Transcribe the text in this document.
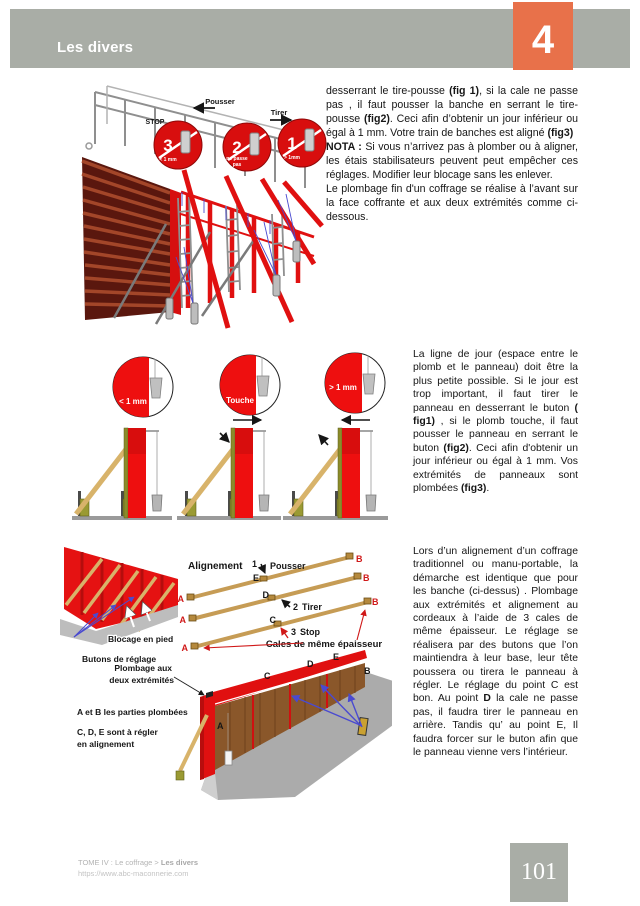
Les divers	4
3
< 1 mm
2
ne passe
pas
1
> 1mm
STOP
Pousser
Tirer
< 1 mm	Touche
> 1 mm
Blocage en pied
Butons de réglage
Alignement
A
B
A
B
A
B
E
1 Pousser
D
2 Tirer
C
3 Stop
Cales de même épaisseur
A
C
D
E
B
Plombage aux
deux extrémités
A et B les parties plombées
C, D, E sont à régler
en alignement
desserrant le tire-pousse (fig 1), si la cale ne passe pas , il faut pousser la banche en serrant le tire-pousse (fig2). Ceci afin d’obtenir un jour inférieur ou égal à 1 mm. Votre train de banches est aligné (fig3)
NOTA : Si vous n’arrivez pas à plomber ou à aligner, les étais stabilisateurs peuvent peut empêcher ces réglages. Modifier leur blocage sans les enlever.
Le plombage fin d'un coffrage se réalise à l’avant sur la face coffrante et aux deux extrémités comme ci-dessous.
La ligne de jour (espace entre le plomb et le panneau) doit être la plus petite possible. Si le jour est trop important, il faut tirer le panneau en desserrant le buton ( fig1) , si le plomb touche, il faut pousser le panneau en serrant le buton (fig2). Ceci afin d'obtenir un jour inférieur ou égal à 1 mm. Vos extrémités de panneaux sont plombées (fig3).
Lors d’un alignement d’un coffrage traditionnel ou manu-portable, la démarche est identique que pour les banche (ci-dessus) . Plombage aux extrémités et alignement au cordeaux à l’aide de 3 cales de même épaisseur. Le réglage se réalisera par des butons que l’on maintiendra à leur base, leur tête poussera ou tirera le panneau à régler. Le réglage du point C est bon. Au point D la cale ne passe pas, il faudra tirer le panneau en arrière. Tandis qu’ au point E, Il faudra forcer sur le buton afin que le panneau vienne vers l’intérieur.
TOME IV : Le coffrage > Les divers
https://www.abc-maconnerie.com	101
